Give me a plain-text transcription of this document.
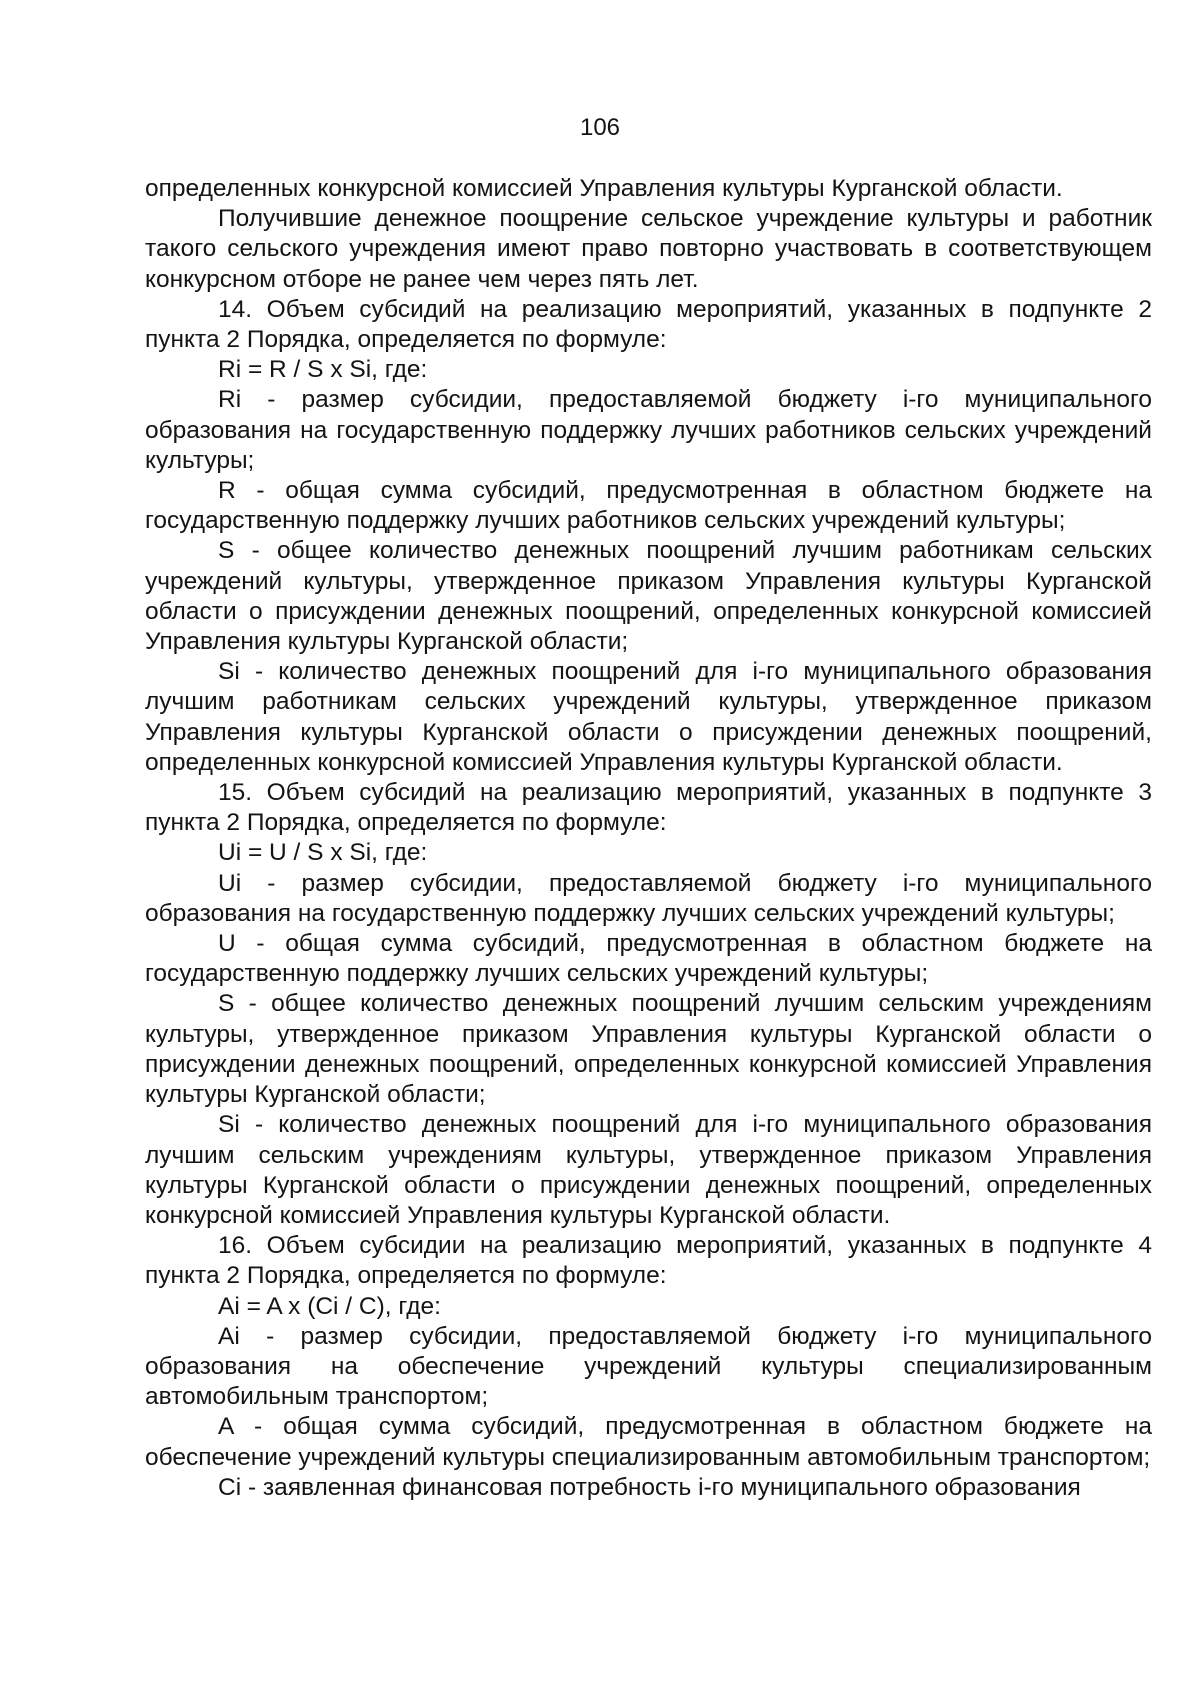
106

определенных конкурсной комиссией Управления культуры Курганской области.

Получившие денежное поощрение сельское учреждение культуры и работник такого сельского учреждения имеют право повторно участвовать в соответствующем конкурсном отборе не ранее чем через пять лет.

14. Объем субсидий на реализацию мероприятий, указанных в подпункте 2 пункта 2 Порядка, определяется по формуле:

Ri = R / S x Si, где:

Ri - размер субсидии, предоставляемой бюджету i-го муниципального образования на государственную поддержку лучших работников сельских учреждений культуры;

R - общая сумма субсидий, предусмотренная в областном бюджете на государственную поддержку лучших работников сельских учреждений культуры;

S - общее количество денежных поощрений лучшим работникам сельских учреждений культуры, утвержденное приказом Управления культуры Курганской области о присуждении денежных поощрений, определенных конкурсной комиссией Управления культуры Курганской области;

Si - количество денежных поощрений для i-го муниципального образования лучшим работникам сельских учреждений культуры, утвержденное приказом Управления культуры Курганской области о присуждении денежных поощрений, определенных конкурсной комиссией Управления культуры Курганской области.

15. Объем субсидий на реализацию мероприятий, указанных в подпункте 3 пункта 2 Порядка, определяется по формуле:

Ui = U / S x Si, где:

Ui - размер субсидии, предоставляемой бюджету i-го муниципального образования на государственную поддержку лучших сельских учреждений культуры;

U - общая сумма субсидий, предусмотренная в областном бюджете на государственную поддержку лучших сельских учреждений культуры;

S - общее количество денежных поощрений лучшим сельским учреждениям культуры, утвержденное приказом Управления культуры Курганской области о присуждении денежных поощрений, определенных конкурсной комиссией Управления культуры Курганской области;

Si - количество денежных поощрений для i-го муниципального образования лучшим сельским учреждениям культуры, утвержденное приказом Управления культуры Курганской области о присуждении денежных поощрений, определенных конкурсной комиссией Управления культуры Курганской области.

16. Объем субсидии на реализацию мероприятий, указанных в подпункте 4 пункта 2 Порядка, определяется по формуле:

Ai = A x (Ci / C), где:

Ai - размер субсидии, предоставляемой бюджету i-го муниципального образования на обеспечение учреждений культуры специализированным автомобильным транспортом;

A - общая сумма субсидий, предусмотренная в областном бюджете на обеспечение учреждений культуры специализированным автомобильным транспортом;

Ci - заявленная финансовая потребность i-го муниципального образования
